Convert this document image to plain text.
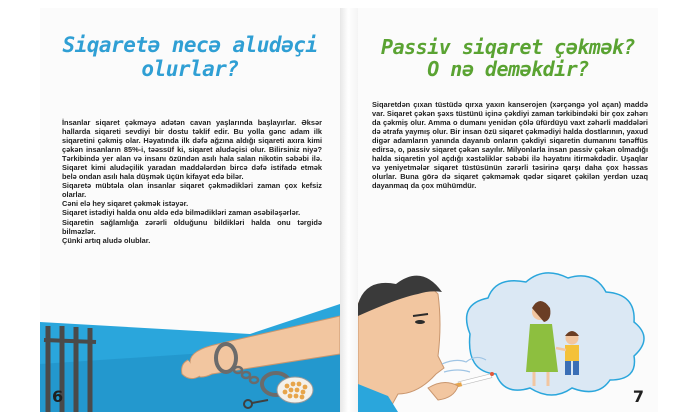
Siqaretə necə aludəçi
olurlar?

İnsanlar siqaret çəkməyə adətən cavan yaşlarında başlayırlar. Əksər hallarda siqareti sevdiyi bir dostu təklif edir. Bu yolla gənc adam ilk siqaretini çəkmiş olar. Həyatında ilk dəfə ağzına aldığı siqareti axıra kimi çəkən insanların 85%-i, təəssüf ki, siqaret aludəçisi olur. Bilirsiniz niyə? Tərkibində yer alan və insanı özündən asılı hala salan nikotin səbəbi ilə. Siqaret kimi aludəçilik yaradan maddələrdən bircə dəfə istifadə etmək belə ondan asılı hala düşmək üçün kifayət edə bilər.

Siqaretə mübtəla olan insanlar siqaret çəkmədikləri zaman çox kefsiz olarlar.

Cəni elə hey siqaret çəkmək istəyər.

Siqaret istədiyi halda onu əldə edə bilmədikləri zaman əsəbiləşərlər.

Siqaretin sağlamlığa zərərli olduğunu bildikləri halda onu tərgidə bilməzlər.

Çünki artıq aludə olublar.

6
Passiv siqaret çəkmək?
O nə deməkdir?

Siqaretdən çıxan tüstüdə qırxa yaxın kanserojen (xərçəngə yol açan) maddə var. Siqaret çəkən şəxs tüstünü içinə çəkdiyi zaman tərkibindəki bir çox zəhərı da çəkmiş olur. Amma o dumanı yenidən çölə üfürdüyü vaxt zəhərli maddələri də ətrafa yaymış olur. Bir insan özü siqaret çəkmədiyi halda dostlarının, yaxud digər adamların yanında dayanıb onların çəkdiyi siqaretin dumanını tənəffüs edirsə, o, passiv siqaret çəkən sayılır. Milyonlarla insan passiv çəkən olmadığı halda siqaretin yol açdığı xəstəliklər səbəbi ilə həyatını itirməkdədir. Uşaqlar və yeniyetmələr siqaret tüstüsünün zərərli təsirinə qarşı daha çox həssas olurlar. Buna görə də siqaret çəkməmək qədər siqaret çəkilən yerdən uzaq dayanmaq da çox mühümdür.

7
